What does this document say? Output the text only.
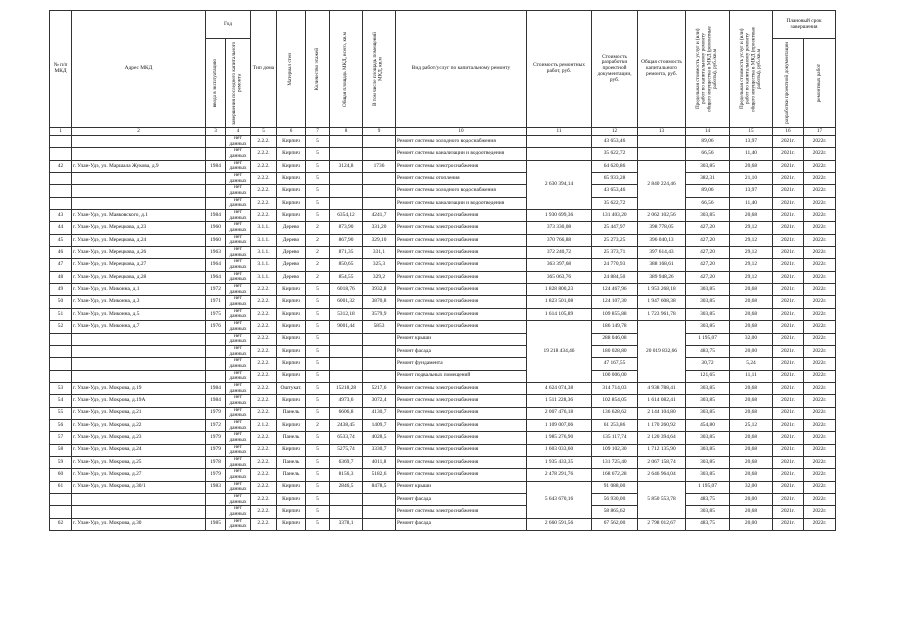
№ п/п МКД	Адрес МКД	Год		Тип дома	Материал стен	Количество этажей	Общая площадь МКД, всего, кв.м	В том числе площадь помещений МКД, кв.м	Вид работ/услуг по капитальному ремонту	Стоимость ремонтных работ, руб.	Стоимость разработки проектной документации, руб.	Общая стоимость капитального ремонта, руб.	Предельная стоимость услуг и (или) работ по капитальному ремонту общего имущества в МКД (ремонтные работы), руб./кв.м	Предельная стоимость услуг и (или) работ по капитальному ремонту общего имущества в МКД (проектные работы), руб./кв.м	Плановый срок завершения	

		ввода в эксплуатацию	завершения последнего капитального ремонта												разработки проектной документации	ремонтных работ

1	2	3	4	5	6	7	8	9	10	11	12	13	14	15	16	17
			нет данных	2.2.2.	Кирпич	5			Ремонт системы холодного водоснабжения		43 653,46		89,06	13,97	2021г.	2022г.
			нет данных	2.2.2.	Кирпич	5			Ремонт системы канализации и водоотведения		35 622,72		66,56	11,40	2021г.	2022г.
42	г. Улан-Удэ, ул. Маршала Жукова, д.9	1984	нет данных	2.2.2.	Кирпич	5	3124,8	1736	Ремонт системы электроснабжения	2 630 394,14	64 620,86	2 840 224,46	303,85	20,68	2021г.	2022г.
			нет данных	2.2.2.	Кирпич	5			Ремонт системы отопления		65 933,28		382,31	21,10	2021г.	2022г.
			нет данных	2.2.2.	Кирпич	5			Ремонт системы холодного водоснабжения		43 653,46		89,06	13,97	2021г.	2022г.
			нет данных	2.2.2.	Кирпич	5			Ремонт системы канализации и водоотведения		35 622,72		66,56	11,40	2021г.	2022г.
43	г. Улан-Удэ, ул. Маяковского, д.1	1984	нет данных	2.2.2.	Кирпич	5	6354,12	4241,7	Ремонт системы электроснабжения	1 930 699,36	131 403,20	2 062 102,56	303,85	20,68	2021г.	2022г.
44	г. Улан-Удэ, ул. Мерецкова, д.23	1960	нет данных	3.1.1.	Дерево	2	873,90	331,20	Ремонт системы электроснабжения	373 330,08	25 447,97	398 778,05	427,20	29,12	2021г.	2022г.
45	г. Улан-Удэ, ул. Мерецкова, д.24	1960	нет данных	3.1.1.	Дерево	2	867,90	329,10	Ремонт системы электроснабжения	370 766,88	25 273,25	396 040,13	427,20	29,12	2021г.	2022г.
46	г. Улан-Удэ, ул. Мерецкова, д.26	1963	нет данных	3.1.1.	Дерево	2	871,35	331,1	Ремонт системы электроснабжения	372 240,72	25 373,71	397 614,43	427,20	29,12	2021г.	2022г.
47	г. Улан-Удэ, ул. Мерецкова, д.27	1964	нет данных	3.1.1.	Дерево	2	850,65	325,3	Ремонт системы электроснабжения	363 397,68	24 770,93	388 168,61	427,20	29,12	2021г.	2022г.
48	г. Улан-Удэ, ул. Мерецкова, д.28	1964	нет данных	3.1.1.	Дерево	2	854,55	329,2	Ремонт системы электроснабжения	365 063,76	24 884,50	389 948,26	427,20	29,12	2021г.	2022г.
49	г. Улан-Удэ, ул. Миконна, д.1	1972	нет данных	2.2.2.	Кирпич	5	6018,76	3932,8	Ремонт системы электроснабжения	1 828 800,23	124 467,96	1 953 268,18	303,85	20,68	2021г.	2022г.
50	г. Улан-Удэ, ул. Миконна, д.3	1971	нет данных	2.2.2.	Кирпич	5	6001,32	3870,8	Ремонт системы электроснабжения	1 823 501,08	124 107,30	1 947 608,38	303,85	20,68	2021г.	2022г.
51	г. Улан-Удэ, ул. Миконна, д.5	1975	нет данных	2.2.2.	Кирпич	5	5312,18	3579,9	Ремонт системы электроснабжения	1 614 105,89	109 855,88	1 723 961,78	303,85	20,68	2021г.	2022г.
52	г. Улан-Удэ, ул. Миконна, д.7	1976	нет данных	2.2.2.	Кирпич	5	9001,44	5853	Ремонт системы электроснабжения	19 218 434,46	186 149,78	20 019 832,66	303,85	20,68	2021г.	2022г.
			нет данных	2.2.2.	Кирпич	5			Ремонт крыши		288 046,08		1 195,07	32,00	2021г.	2022г.
			нет данных	2.2.2.	Кирпич	5			Ремонт фасада		180 028,80		483,75	20,00	2021г.	2022г.
			нет данных	2.2.2.	Кирпич	5			Ремонт фундамента		47 167,55		30,72	5,24	2021г.	2022г.
			нет данных	2.2.2.	Кирпич	5			Ремонт подвальных помещений		100 006,00		121,65	11,11	2021г.	2022г.
53	г. Улан-Удэ, ул. Мокрова, д.19	1984	нет данных	2.2.2.	Оштукат.	5	15218,28	5217,6	Ремонт системы электроснабжения	4 624 074,38	314 714,03	4 938 788,41	303,85	20,68	2021г.	2022г.
54	г. Улан-Удэ, ул. Мокрова, д.19А	1984	нет данных	2.2.2.	Кирпич	5	4973,6	3072,4	Ремонт системы электроснабжения	1 511 228,36	102 854,05	1 614 082,41	303,85	20,68	2021г.	2022г.
55	г. Улан-Удэ, ул. Мокрова, д.21	1979	нет данных	2.2.2.	Панель	5	6606,8	4130,7	Ремонт системы электроснабжения	2 007 476,18	136 628,62	2 144 104,80	303,85	20,68	2021г.	2022г.
56	г. Улан-Удэ, ул. Мокрова, д.22	1972	нет данных	2.1.2.	Кирпич	2	2438,45	1409,7	Ремонт системы электроснабжения	1 109 007,06	61 253,86	1 170 260,92	454,80	25,12	2021г.	2022г.
57	г. Улан-Удэ, ул. Мокрова, д.23	1979	нет данных	2.2.2.	Панель	5	6533,74	4028,5	Ремонт системы электроснабжения	1 985 276,90	135 117,74	2 120 394,64	303,85	20,68	2021г.	2022г.
58	г. Улан-Удэ, ул. Мокрова, д.24	1979	нет данных	2.2.2.	Кирпич	5	5275,74	3330,7	Ремонт системы электроснабжения	1 603 033,60	109 102,30	1 712 135,90	303,85	20,68	2021г.	2022г.
59	г. Улан-Удэ, ул. Мокрова, д.25	1978	нет данных	2.2.2.	Панель	5	6369,7	4011,8	Ремонт системы электроснабжения	1 935 433,35	131 725,40	2 067 158,74	303,85	20,68	2021г.	2022г.
60	г. Улан-Удэ, ул. Мокрова, д.27	1979	нет данных	2.2.2.	Панель	5	8156,3	5182,6	Ремонт системы электроснабжения	2 478 291,76	168 672,28	2 646 964,04	303,85	20,68	2021г.	2022г.
61	г. Улан-Удэ, ул. Мокрова, д.30/1	1983	нет данных	2.2.2.	Кирпич	5	2846,5	8478,5	Ремонт крыши	5 643 670,16	91 088,00	5 850 553,78	1 195,07	32,00	2021г.	2022г.
			нет данных	2.2.2.	Кирпич	5			Ремонт фасада		56 930,00		483,75	20,00	2021г.	2022г.
			нет данных	2.2.2.	Кирпич	5			Ремонт системы электроснабжения		58 865,62		303,85	20,68	2021г.	2022г.
62	г. Улан-Удэ, ул. Мокрова, д.30	1985	нет данных	2.2.2.	Кирпич	5	3378,1		Ремонт фасада	2 660 591,56	67 562,00	2 798 012,67	483,75	20,00	2021г.	2022г.
